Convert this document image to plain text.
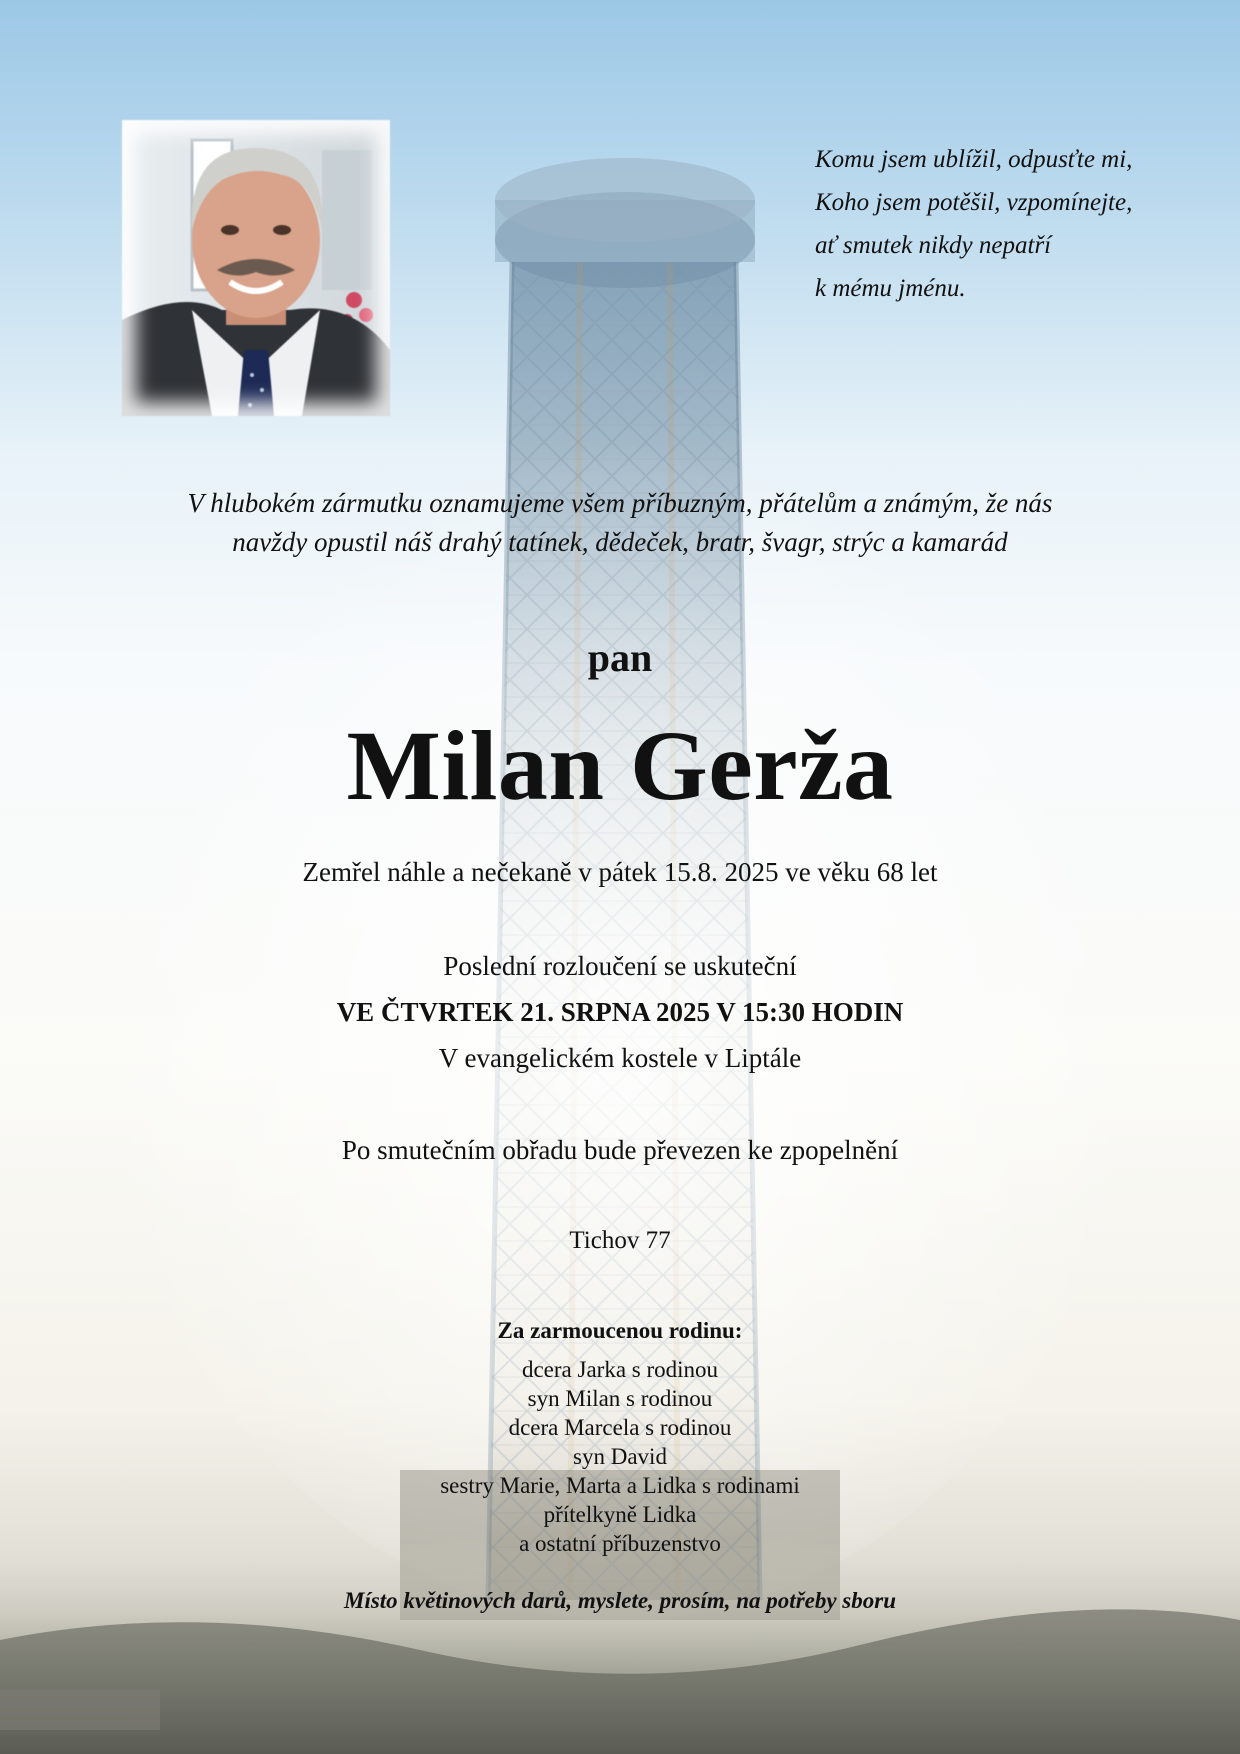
Komu jsem ublížil, odpusťte mi,
Koho jsem potěšil, vzpomínejte,
ať smutek nikdy nepatří
k mému jménu.
V hlubokém zármutku oznamujeme všem příbuzným, přátelům a známým, že nás
navždy opustil náš drahý tatínek, dědeček, bratr, švagr, strýc a kamarád
pan
Milan Gerža
Zemřel náhle a nečekaně v pátek 15.8. 2025 ve věku 68 let
Poslední rozloučení se uskuteční
VE ČTVRTEK 21. SRPNA 2025 V 15:30 HODIN
V evangelickém kostele v Liptále
Po smutečním obřadu bude převezen ke zpopelnění
Tichov 77
Za zarmoucenou rodinu:
dcera Jarka s rodinou
syn Milan s rodinou
dcera Marcela s rodinou
syn David
sestry Marie, Marta a Lidka s rodinami
přítelkyně Lidka
a ostatní příbuzenstvo
Místo květinových darů, myslete, prosím, na potřeby sboru
